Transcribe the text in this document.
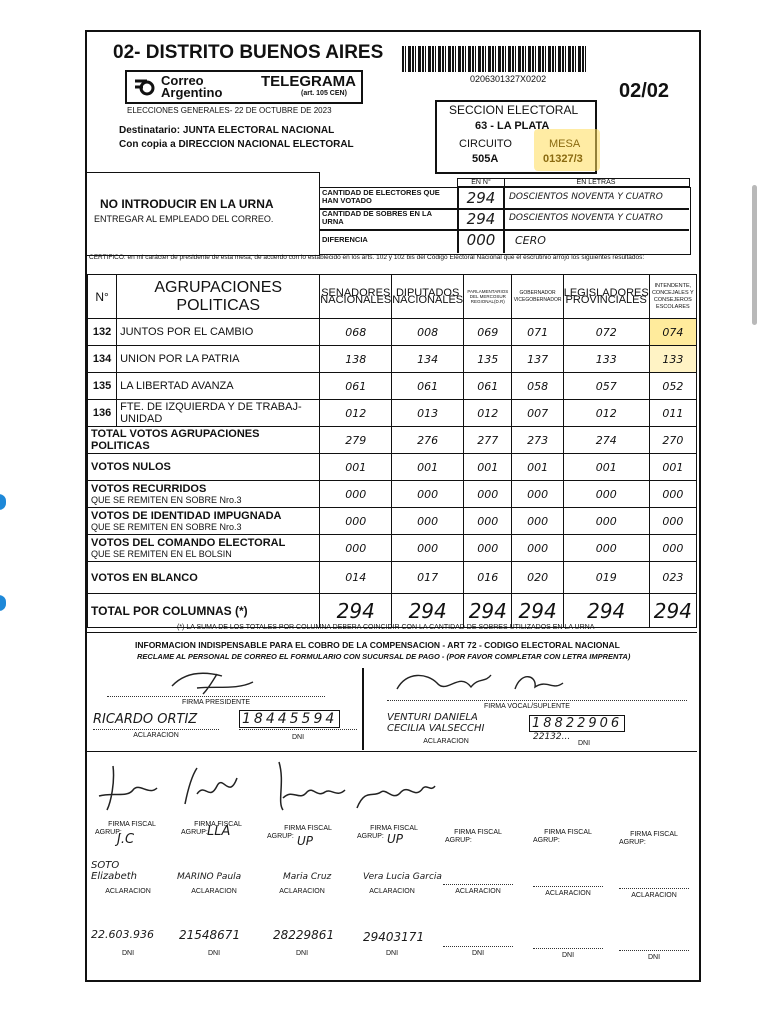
02- DISTRITO BUENOS AIRES
Correo
Argentino
TELEGRAMA
(art. 105 CEN)
0206301327X0202
02/02
ELECCIONES GENERALES- 22 DE OCTUBRE DE 2023
Destinatario: JUNTA ELECTORAL NACIONAL
Con copia a DIRECCION NACIONAL ELECTORAL
SECCION ELECTORAL
63 - LA PLATA
CIRCUITO
505A
MESA
01327/3
NO INTRODUCIR EN LA URNA
ENTREGAR AL EMPLEADO DEL CORREO.
EN N°	EN LETRAS
CANTIDAD DE ELECTORES QUE HAN VOTADO	294	DOSCIENTOS NOVENTA Y CUATRO
CANTIDAD DE SOBRES EN LA URNA	294	DOSCIENTOS NOVENTA Y CUATRO
DIFERENCIA	000	CERO
CERTIFICO: en mi carácter de presidente de esta mesa, de acuerdo con lo establecido en los arts. 102 y 102 bis del Código Electoral Nacional que el escrutinio arrojó los siguientes resultados:
N°	AGRUPACIONES POLITICAS	SENADORES NACIONALES	DIPUTADOS NACIONALES	PARLAMENTARIOS DEL MERCOSUR REGIONAL(D.R)	GOBERNADOR VICEGOBERNADOR	LEGISLADORES PROVINCIALES	INTENDENTE, CONCEJALES Y CONSEJEROS ESCOLARES
132	JUNTOS POR EL CAMBIO	068	008	069	071	072	074
134	UNION POR LA PATRIA	138	134	135	137	133	133
135	LA LIBERTAD AVANZA	061	061	061	058	057	052
136	FTE. DE IZQUIERDA Y DE TRABAJ-UNIDAD	012	013	012	007	012	011
TOTAL VOTOS AGRUPACIONES POLITICAS		279	276	277	273	274	270
VOTOS NULOS		001	001	001	001	001	001

VOTOS RECURRIDOS
QUE SE REMITEN EN SOBRE Nro.3		000	000	000	000	000	000

VOTOS DE IDENTIDAD IMPUGNADA
QUE SE REMITEN EN SOBRE Nro.3		000	000	000	000	000	000

VOTOS DEL COMANDO ELECTORAL
QUE SE REMITEN EN EL BOLSIN		000	000	000	000	000	000
VOTOS EN BLANCO		014	017	016	020	019	023
TOTAL POR COLUMNAS (*)		294	294	294	294	294	294
(*) LA SUMA DE LOS TOTALES POR COLUMNA DEBERA COINCIDIR CON LA CANTIDAD DE SOBRES UTILIZADOS EN LA URNA
INFORMACION INDISPENSABLE PARA EL COBRO DE LA COMPENSACION - ART 72 - CODIGO ELECTORAL NACIONAL
RECLAME AL PERSONAL DE CORREO EL FORMULARIO CON SUCURSAL DE PAGO - (POR FAVOR COMPLETAR CON LETRA IMPRENTA)
FIRMA PRESIDENTE
RICARDO ORTIZ	18445594
ACLARACION	DNI
FIRMA VOCAL/SUPLENTE
VENTURI DANIELA
CECILIA VALSECCHI	18822906
22132...
ACLARACION	DNI
FIRMA FISCAL
AGRUP:
J.C
SOTO Elizabeth
ACLARACION
22.603.936
DNI
FIRMA FISCAL
AGRUP: LLA
MARINO Paula
ACLARACION
21548671
DNI
FIRMA FISCAL
AGRUP: UP
Maria Cruz
ACLARACION
28229861
DNI
FIRMA FISCAL
AGRUP: UP
Vera Lucia Garcia
ACLARACION
29403171
DNI
FIRMA FISCAL
AGRUP:
ACLARACION
DNI
FIRMA FISCAL
AGRUP:
ACLARACION
DNI
FIRMA FISCAL
AGRUP:
ACLARACION
DNI
